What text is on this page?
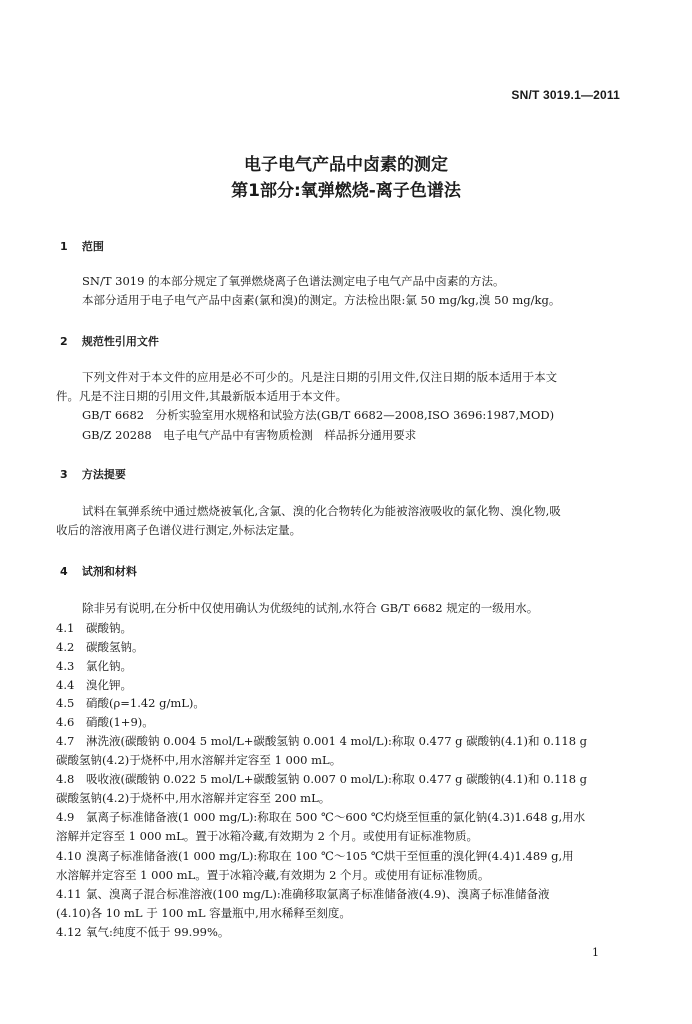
SN/T 3019.1—2011
电子电气产品中卤素的测定
第1部分:氧弹燃烧-离子色谱法
1 范围
SN/T 3019 的本部分规定了氧弹燃烧离子色谱法测定电子电气产品中卤素的方法。
本部分适用于电子电气产品中卤素(氯和溴)的测定。方法检出限:氯 50 mg/kg,溴 50 mg/kg。
2 规范性引用文件
下列文件对于本文件的应用是必不可少的。凡是注日期的引用文件,仅注日期的版本适用于本文
件。凡是不注日期的引用文件,其最新版本适用于本文件。
GB/T 6682　分析实验室用水规格和试验方法(GB/T 6682—2008,ISO 3696:1987,MOD)
GB/Z 20288　电子电气产品中有害物质检测　样品拆分通用要求
3 方法提要
试料在氧弹系统中通过燃烧被氧化,含氯、溴的化合物转化为能被溶液吸收的氯化物、溴化物,吸
收后的溶液用离子色谱仪进行测定,外标法定量。
4 试剂和材料
除非另有说明,在分析中仅使用确认为优级纯的试剂,水符合 GB/T 6682 规定的一级用水。
4.1 碳酸钠。
4.2 碳酸氢钠。
4.3 氯化钠。
4.4 溴化钾。
4.5 硝酸(ρ=1.42 g/mL)。
4.6 硝酸(1+9)。
4.7 淋洗液(碳酸钠 0.004 5 mol/L+碳酸氢钠 0.001 4 mol/L):称取 0.477 g 碳酸钠(4.1)和 0.118 g
碳酸氢钠(4.2)于烧杯中,用水溶解并定容至 1 000 mL。
4.8 吸收液(碳酸钠 0.022 5 mol/L+碳酸氢钠 0.007 0 mol/L):称取 0.477 g 碳酸钠(4.1)和 0.118 g
碳酸氢钠(4.2)于烧杯中,用水溶解并定容至 200 mL。
4.9 氯离子标准储备液(1 000 mg/L):称取在 500 ℃～600 ℃灼烧至恒重的氯化钠(4.3)1.648 g,用水
溶解并定容至 1 000 mL。置于冰箱冷藏,有效期为 2 个月。或使用有证标准物质。
4.10 溴离子标准储备液(1 000 mg/L):称取在 100 ℃～105 ℃烘干至恒重的溴化钾(4.4)1.489 g,用
水溶解并定容至 1 000 mL。置于冰箱冷藏,有效期为 2 个月。或使用有证标准物质。
4.11 氯、溴离子混合标准溶液(100 mg/L):准确移取氯离子标准储备液(4.9)、溴离子标准储备液
(4.10)各 10 mL 于 100 mL 容量瓶中,用水稀释至刻度。
4.12 氧气:纯度不低于 99.99%。
1
